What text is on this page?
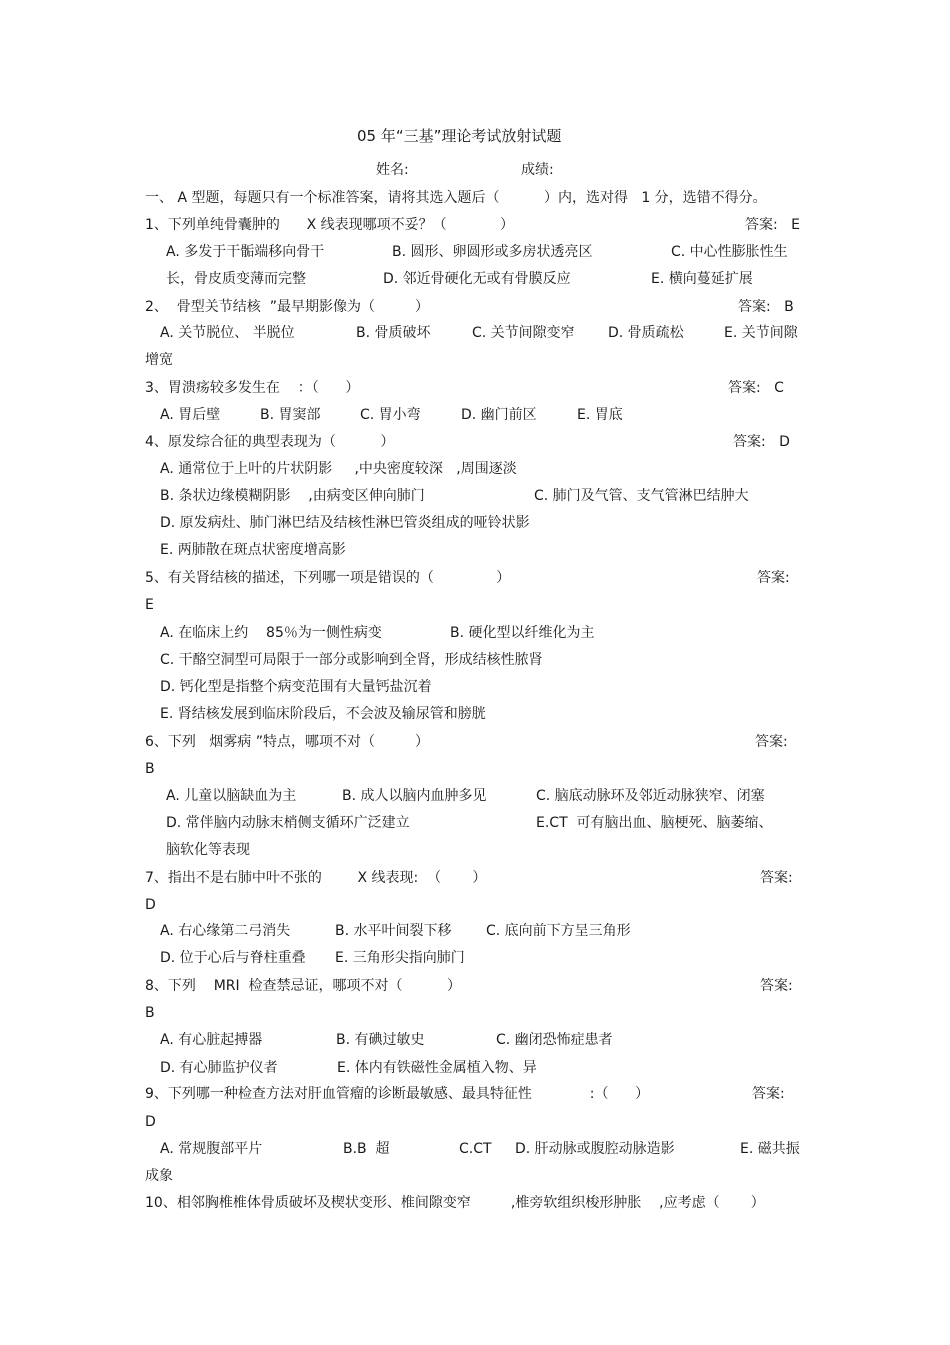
05 年“三基”理论考试放射试题
姓名:	成绩:
一、 A 型题，每题只有一个标准答案，请将其选入题后（          ）内，选对得   1 分，选错不得分。
1、下列单纯骨囊肿的      X 线表现哪项不妥？（            ）	答案:   E
A. 多发于干骺端移向骨干	B. 圆形、卵圆形或多房状透亮区	C. 中心性膨胀性生
长，骨皮质变薄而完整	D. 邻近骨硬化无或有骨膜反应	E. 横向蔓延扩展
2、  骨型关节结核  ”最早期影像为（         ）	答案:   B
A. 关节脱位、 半脱位	B. 骨质破坏	C. 关节间隙变窄 D. 骨质疏松	E. 关节间隙
增宽
3、胃溃疡较多发生在    ：（      ）	答案:   C
A. 胃后壁	B. 胃窦部	C. 胃小弯	D. 幽门前区	E. 胃底
4、原发综合征的典型表现为（          ）	答案:   D
A. 通常位于上叶的片状阴影     ,中央密度较深   ,周围逐淡
B. 条状边缘模糊阴影    ,由病变区伸向肺门	C. 肺门及气管、支气管淋巴结肿大
D. 原发病灶、肺门淋巴结及结核性淋巴管炎组成的哑铃状影
E. 两肺散在斑点状密度增高影
5、有关肾结核的描述，下列哪一项是错误的（              ）	答案:
E
A. 在临床上约    85％为一侧性病变	B. 硬化型以纤维化为主
C. 干酪空洞型可局限于一部分或影响到全肾，形成结核性脓肾
D. 钙化型是指整个病变范围有大量钙盐沉着
E. 肾结核发展到临床阶段后，不会波及输尿管和膀胱
6、下列   烟雾病 ”特点，哪项不对（         ）	答案:
B
A. 儿童以脑缺血为主	B. 成人以脑内血肿多见	C. 脑底动脉环及邻近动脉狭窄、闭塞
D. 常伴脑内动脉末梢侧支循环广泛建立	E.CT  可有脑出血、脑梗死、脑萎缩、
脑软化等表现
7、指出不是右肺中叶不张的        X 线表现:  （       ）	答案:
D
A. 右心缘第二弓消失	B. 水平叶间裂下移 C. 底向前下方呈三角形
D. 位于心后与脊柱重叠 E. 三角形尖指向肺门
8、下列    MRI  检查禁忌证，哪项不对（          ）	答案:
B
A. 有心脏起搏器	B. 有碘过敏史	C. 幽闭恐怖症患者
D. 有心肺监护仪者	E. 体内有铁磁性金属植入物、异
9、下列哪一种检查方法对肝血管瘤的诊断最敏感、最具特征性             :（      ）	答案:
D
A. 常规腹部平片	B.B  超	C.CT D. 肝动脉或腹腔动脉造影	E. 磁共振
成象
10、相邻胸椎椎体骨质破坏及楔状变形、椎间隙变窄         ,椎旁软组织梭形肿胀    ,应考虑（       ）
